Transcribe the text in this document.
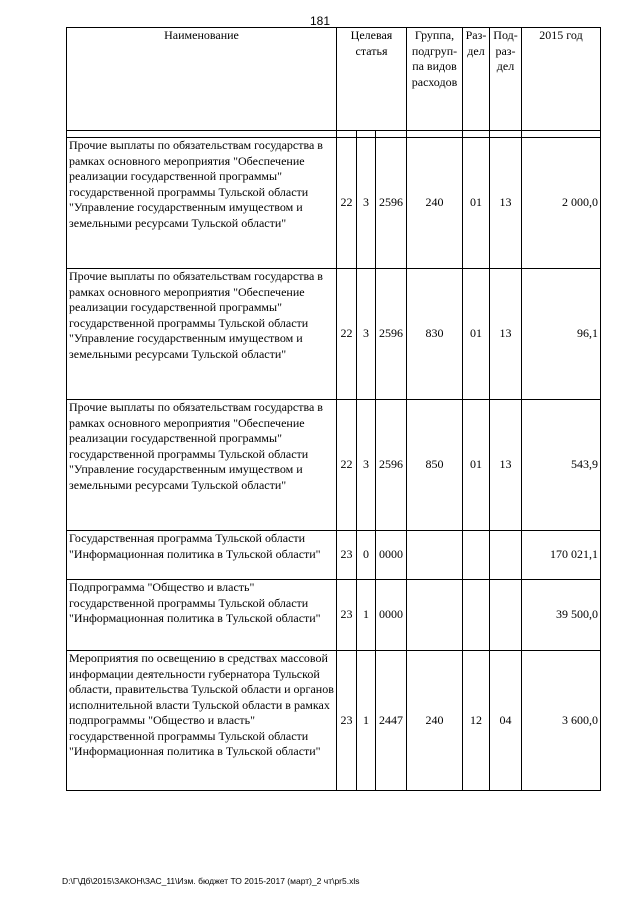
181
Наименование	Целевая статья			Группа, подгруп-па видов расходов	Раз-дел	Под-раз-дел	2015 год

Прочие выплаты по обязательствам государства в рамках основного мероприятия "Обеспечение реализации государственной программы" государственной программы Тульской области "Управление государственным имуществом и земельными ресурсами Тульской области"	22	3	2596	240	01	13	2 000,0
Прочие выплаты по обязательствам государства в рамках основного мероприятия "Обеспечение реализации государственной программы" государственной программы Тульской области "Управление государственным имуществом и земельными ресурсами Тульской области"	22	3	2596	830	01	13	96,1
Прочие выплаты по обязательствам государства в рамках основного мероприятия "Обеспечение реализации государственной программы" государственной программы Тульской области "Управление государственным имуществом и земельными ресурсами Тульской области"	22	3	2596	850	01	13	543,9
Государственная программа Тульской области "Информационная политика в Тульской области"	23	0	0000				170 021,1
Подпрограмма "Общество и власть" государственной программы Тульской области "Информационная политика в Тульской области"	23	1	0000				39 500,0
Мероприятия по освещению в средствах массовой информации деятельности губернатора Тульской области, правительства Тульской области и органов исполнительной власти Тульской области в рамках подпрограммы "Общество и власть" государственной программы Тульской области "Информационная политика в Тульской области"	23	1	2447	240	12	04	3 600,0
D:\Г\Дб\2015\ЗАКОН\ЗАС_11\Изм. бюджет ТО 2015-2017 (март)_2 чт\pr5.xls
